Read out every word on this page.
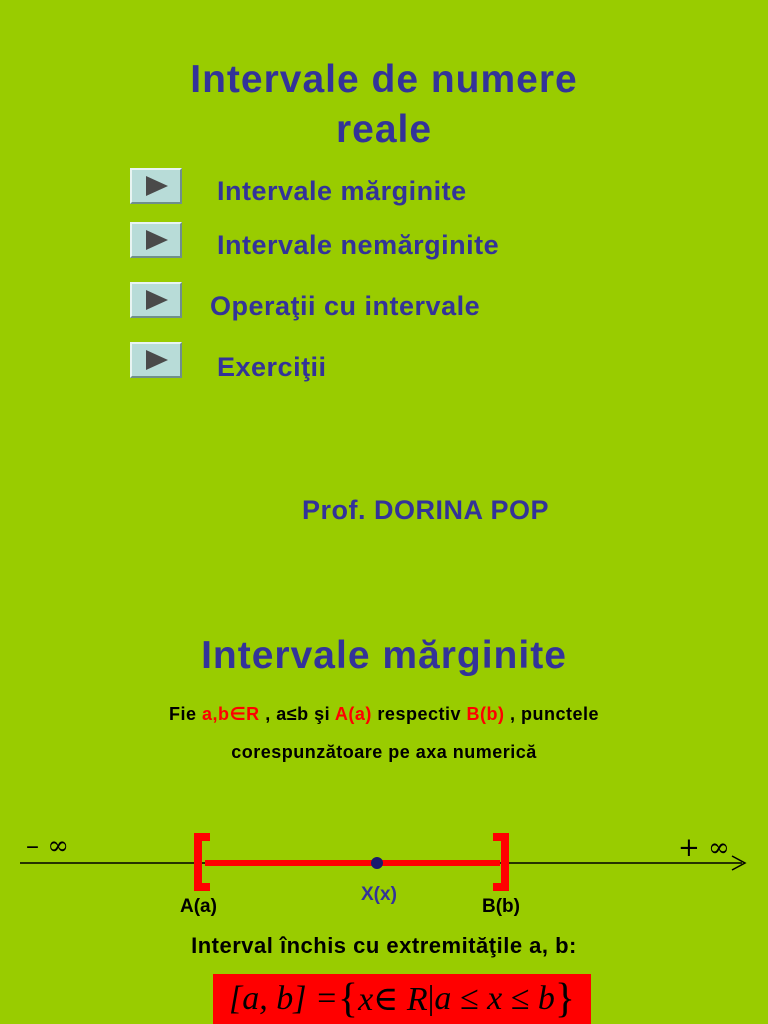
Intervale de numere
reale
Intervale mărginite
Intervale nemărginite
Operaţii cu intervale
Exerciţii
Prof. DORINA POP
Intervale mărginite
Fie a,b∈R , a≤b şi A(a) respectiv B(b) , punctele
corespunzătoare pe axa numerică
– ∞	+ ∞
A(a)
X(x)
B(b)
Interval închis cu extremităţile a, b:
[a, b] = { x∈ R | a ≤ x ≤ b }
